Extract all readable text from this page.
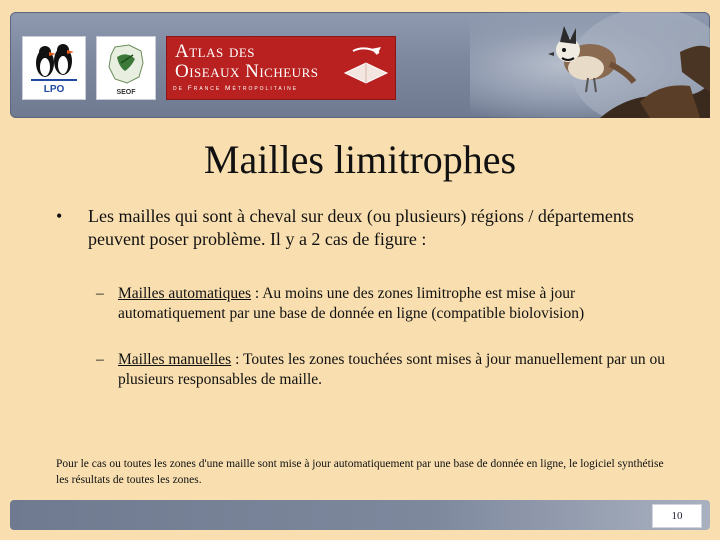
LPO	SEOF
Atlas des
Oiseaux Nicheurs
de France Métropolitaine
Mailles limitrophes
• Les mailles qui sont à cheval sur deux (ou plusieurs) régions / départements peuvent poser problème. Il y a 2 cas de figure :
– Mailles automatiques : Au moins une des zones limitrophe est mise à jour automatiquement par une base de donnée en ligne (compatible biolovision)
– Mailles manuelles : Toutes les zones touchées sont mises à jour manuellement par un ou plusieurs responsables de maille.
Pour le cas ou toutes les zones d'une maille sont mise à jour automatiquement par une base de donnée en ligne, le logiciel synthétise les résultats de toutes les zones.
10
